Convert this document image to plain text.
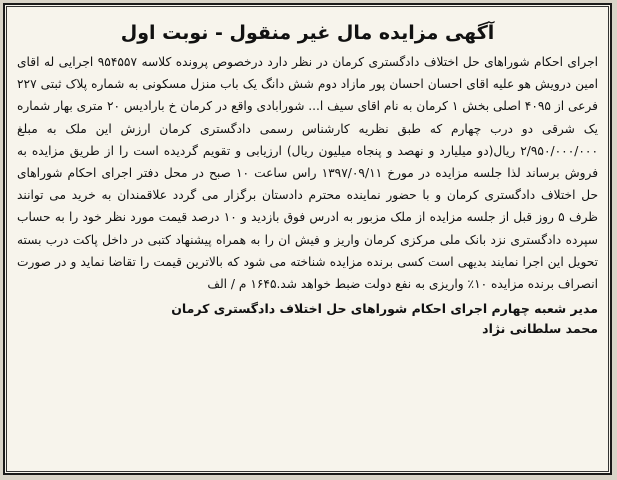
آگهی مزایده مال غیر منقول - نوبت اول

اجرای احکام شوراهای حل اختلاف دادگستری کرمان در نظر دارد درخصوص پرونده کلاسه ۹۵۴۵۵۷ اجرایی له اقای امین درویش هو علیه اقای احسان احسان پور مازاد دوم شش دانگ یک باب منزل مسکونی به شماره پلاک ثبتی ۲۲۷ فرعی از ۴۰۹۵ اصلی بخش ۱ کرمان به نام اقای سیف ا... شورابادی واقع در کرمان خ باراديس ۲۰ متری بهار شماره یک شرقی دو درب چهارم که طبق نظریه کارشناس رسمی دادگستری کرمان ارزش این ملک به مبلغ ۲/۹۵۰/۰۰۰/۰۰۰ ریال(دو میلیارد و نهصد و پنجاه میلیون ریال) ارزیابی و تقویم گردیده است را از طریق مزایده به فروش برساند لذا جلسه مزایده در مورخ ۱۳۹۷/۰۹/۱۱ راس ساعت ۱۰ صبح در محل دفتر اجرای احکام شوراهای حل اختلاف دادگستری کرمان و با حضور نماینده محترم دادستان برگزار می گردد علاقمندان به خرید می توانند ظرف ۵ روز قبل از جلسه مزایده از ملک مزبور به ادرس فوق بازدید و ۱۰ درصد قیمت مورد نظر خود را به حساب سپرده دادگستری نزد بانک ملی مرکزی کرمان واریز و فیش ان را به همراه پیشنهاد کتبی در داخل پاکت درب بسته تحویل این اجرا نمایند بدیهی است کسی برنده مزایده شناخته می شود که بالاترین قیمت را تقاضا نماید و در صورت انصراف برنده مزایده ۱۰٪ واریزی به نفع دولت ضبط خواهد شد.۱۶۴۵ م / الف

مدیر شعبه چهارم اجرای احکام شوراهای حل اختلاف دادگستری کرمان
محمد سلطانی نژاد
